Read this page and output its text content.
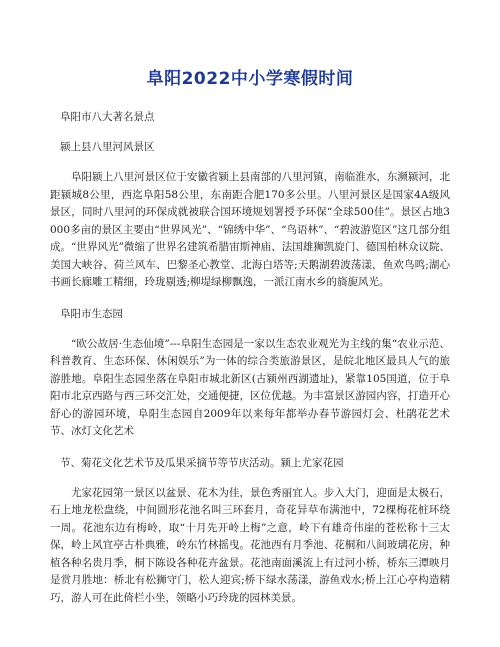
阜阳2022中小学寒假时间
阜阳市八大著名景点
颍上县八里河风景区

阜阳颍上八里河景区位于安徽省颍上县南部的八里河镇，南临淮水，东濒颍河，北距颍城8公里，西迄阜阳58公里，东南距合肥170多公里。八里河景区是国家4A级风景区，同时八里河的环保成就被联合国环境规划署授予环保“全球500佳”。景区占地3000多亩的景区主要由“世界风光”、“锦绣中华”、“鸟语林”、“碧波游览区”这几部分组成。“世界风光”微缩了世界名建筑希腊宙斯神庙、法国雄狮凯旋门、德国柏林众议院、美国大峡谷、荷兰风车、巴黎圣心教堂、北海白塔等;天鹅湖碧波荡漾，鱼欢鸟鸣;湖心书画长廊雕工精细，玲珑剔透;柳堤绿柳飘逸，一派江南水乡的旖旎风光。

阜阳市生态园

“欧公故居·生态仙境”---阜阳生态园是一家以生态农业观光为主线的集“农业示范、科普教育、生态环保、休闲娱乐”为一体的综合类旅游景区，是皖北地区最具人气的旅游胜地。阜阳生态园坐落在阜阳市城北新区(古颍州西湖遗址)，紧靠105国道，位于阜阳市北京西路与西三环交汇处，交通便捷，区位优越。为丰富景区游园内容，打造开心舒心的游园环境，阜阳生态园自2009年以来每年都举办春节游园灯会、杜鹃花艺术节、冰灯文化艺术

节、菊花文化艺术节及瓜果采摘节等节庆活动。颍上尤家花园

尤家花园第一景区以盆景、花木为佳，景色秀丽宜人。步入大门，迎面是太极石，石上地龙松盘绕，中间圆形花池名叫三环套月，奇花异草布满池中，72棵梅花桩环绕一周。花池东边有梅岭，取“十月先开岭上梅”之意，岭下有雄奇伟崖的苍松称十三太保，岭上风宜亭古朴典雅，岭东竹林摇曳。花池西有月季池、花桐和八间玻璃花房，种植各种名贵月季，桐下陈设各种花卉盆景。花池南面溪流上有过河小桥，桥东三潭映月是赏月胜地：桥北有松狮守门，松人迎宾;桥下绿水荡漾，游鱼戏水;桥上江心亭构造精巧，游人可在此倚栏小坐，领略小巧玲珑的园林美景。
